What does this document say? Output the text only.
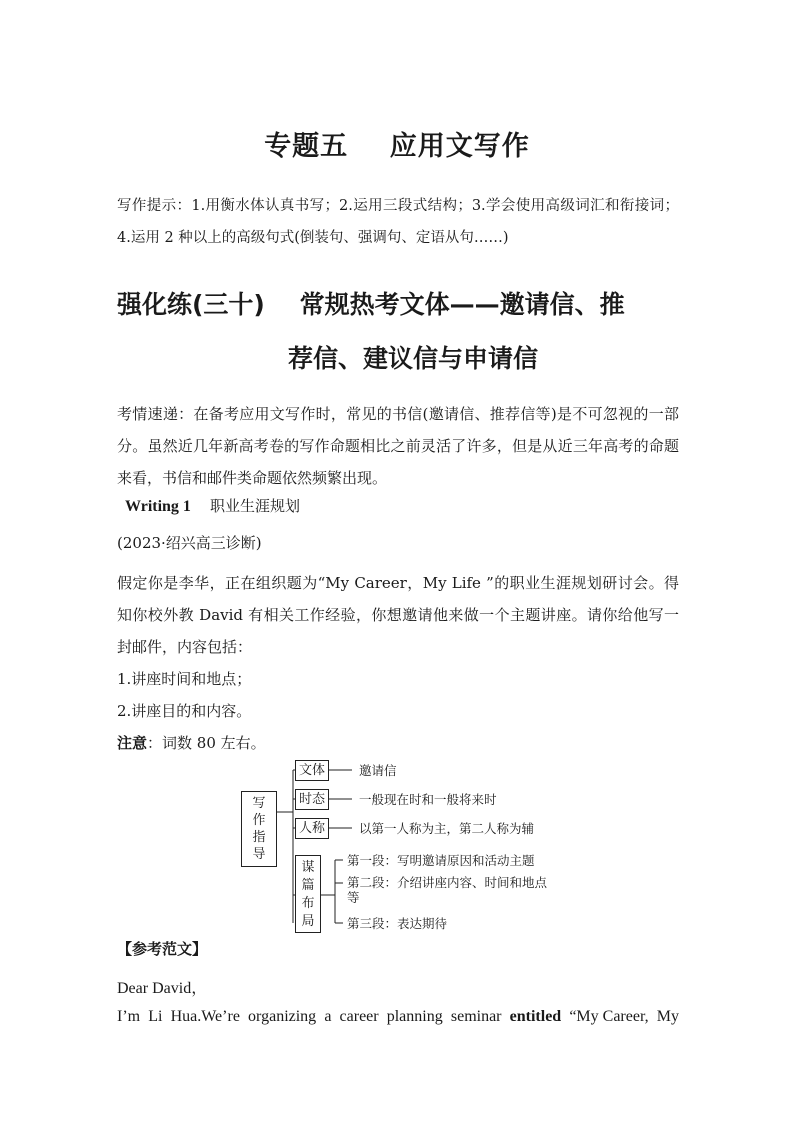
专题五    应用文写作
写作提示：1.用衡水体认真书写；2.运用三段式结构；3.学会使用高级词汇和衔接词；4.运用 2 种以上的高级句式(倒装句、强调句、定语从句……)
强化练(三十)    常规热考文体——邀请信、推
荐信、建议信与申请信
考情速递：在备考应用文写作时，常见的书信(邀请信、推荐信等)是不可忽视的一部分。虽然近几年新高考卷的写作命题相比之前灵活了许多，但是从近三年高考的命题来看，书信和邮件类命题依然频繁出现。
Writing 1 职业生涯规划
(2023·绍兴高三诊断)
假定你是李华，正在组织题为“My Career，My Life ”的职业生涯规划研讨会。得知你校外教 David 有相关工作经验，你想邀请他来做一个主题讲座。请你给他写一封邮件，内容包括：
1.讲座时间和地点；
2.讲座目的和内容。
注意：词数 80 左右。
写作指导
文体	邀请信
时态	一般现在时和一般将来时
人称	以第一人称为主，第二人称为辅
谋篇布局
第一段：写明邀请原因和活动主题
第二段：介绍讲座内容、时间和地点等
第三段：表达期待
【参考范文】
Dear David，
I’m Li Hua.We’re organizing a career planning seminar entitled “My Career, My
